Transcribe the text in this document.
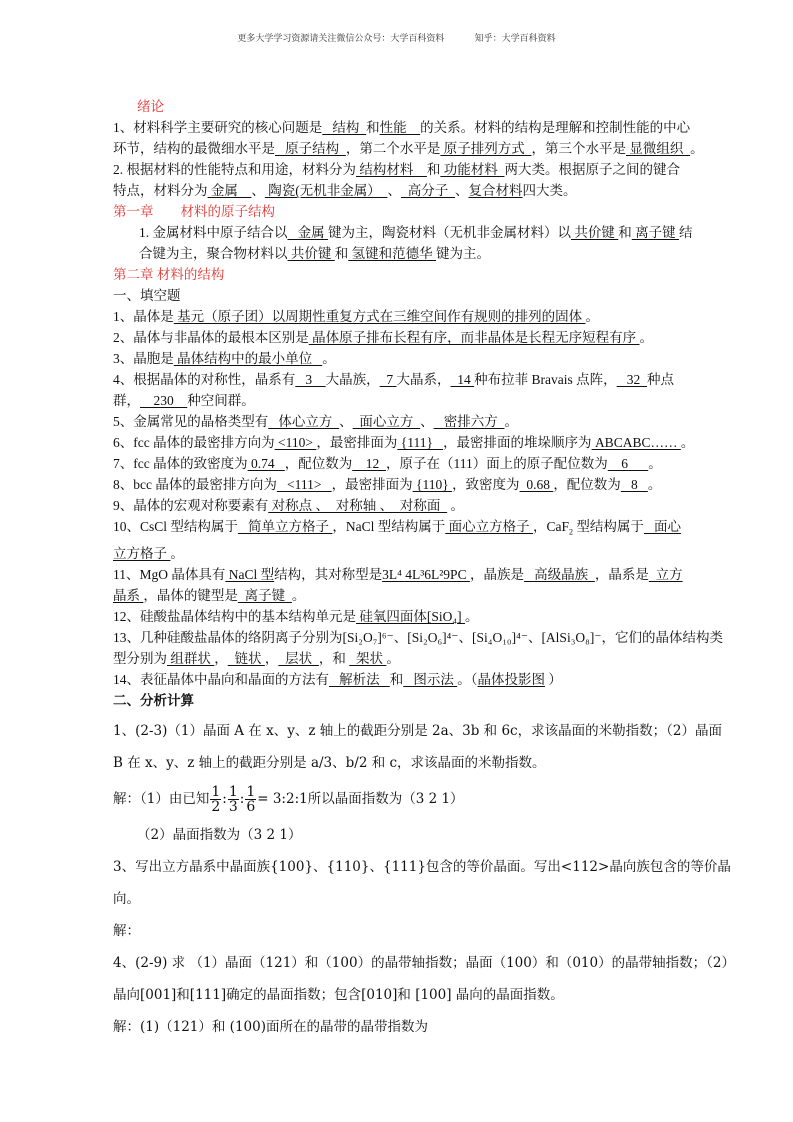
更多大学学习资源请关注微信公众号：大学百科资料	知乎：大学百科资料
绪论
1、材料科学主要研究的核心问题是   结构  和性能    的关系。材料的结构是理解和控制性能的中心
环节，结构的最微细水平是   原子结构  ，第二个水平是 原子排列方式  ，第三个水平是 显微组织  。
2. 根据材料的性能特点和用途，材料分为 结构材料    和 功能材料  两大类。根据原子之间的键合
特点，材料分为 金属    、 陶瓷(无机非金属）  、  高分子  、复合材料四大类。
第一章        材料的原子结构
1. 金属材料中原子结合以   金属 键为主，陶瓷材料（无机非金属材料）以 共价键 和 离子键 结
合键为主，聚合物材料以 共价键 和 氢键和范德华 键为主。
第二章 材料的结构
一、填空题
1、晶体是 基元（原子团）以周期性重复方式在三维空间作有规则的排列的固体 。
2、晶体与非晶体的最根本区别是 晶体原子排布长程有序，而非晶体是长程无序短程有序 。
3、晶胞是 晶体结构中的最小单位   。
4、根据晶体的对称性，晶系有   3    大晶族，  7 大晶系，  14 种布拉菲 Bravais 点阵，   32  种点
群，    230    种空间群。
5、金属常见的晶格类型有   体心立方  、  面心立方  、   密排六方  。
6、fcc 晶体的最密排方向为 <110> ，最密排面为 {111}   ，最密排面的堆垛顺序为 ABCABC…… 。
7、fcc 晶体的致密度为 0.74   ，配位数为    12  ，原子在（111）面上的原子配位数为    6      。
8、bcc 晶体的最密排方向为   <111>   ，最密排面为 {110} ，致密度为  0.68 ，配位数为   8   。
9、晶体的宏观对称要素有 对称点 、  对称轴 、  对称面   。
10、CsCl 型结构属于   简单立方格子 ，NaCl 型结构属于 面心立方格子 ，CaF$_2$ 型结构属于   面心
立方格子 。
11、MgO 晶体具有 NaCl 型结构，其对称型是3L⁴ 4L³6L²9PC ，晶族是   高级晶族  ，晶系是  立方
晶系 ，晶体的键型是  离子键  。
12、硅酸盐晶体结构中的基本结构单元是 硅氧四面体[SiO₄] 。
13、几种硅酸盐晶体的络阴离子分别为[Si₂O₇]⁶⁻、[Si₂O₆]⁴⁻、[Si₄O₁₀]⁴⁻、[AlSi₃O₈]⁻，它们的晶体结构类
型分别为 组群状 ，  链状 ，  层状  ，和   架状 。
14、表征晶体中晶向和晶面的方法有   解析法   和   图示法 。（晶体投影图 ）
二、分析计算
1、(2-3)（1）晶面 A 在 x、y、z 轴上的截距分别是 2a、3b 和 6c，求该晶面的米勒指数；（2）晶面
B 在 x、y、z 轴上的截距分别是 a/3、b/2 和 c，求该晶面的米勒指数。
解：（1）由已知 $\frac{1}{2}$ : $\frac{1}{3}$ : $\frac{1}{6}$ = 3:2:1所以晶面指数为（3 2 1）
（2）晶面指数为（3 2 1）
3、写出立方晶系中晶面族{100}、{110}、{111}包含的等价晶面。写出<112>晶向族包含的等价晶
向。
解：
4、(2-9) 求 （1）晶面（121）和（100）的晶带轴指数；晶面（100）和（010）的晶带轴指数；（2）
晶向[001]和[111]确定的晶面指数；包含[010]和 [100] 晶向的晶面指数。
解：(1)（121）和 (100)面所在的晶带的晶带指数为
